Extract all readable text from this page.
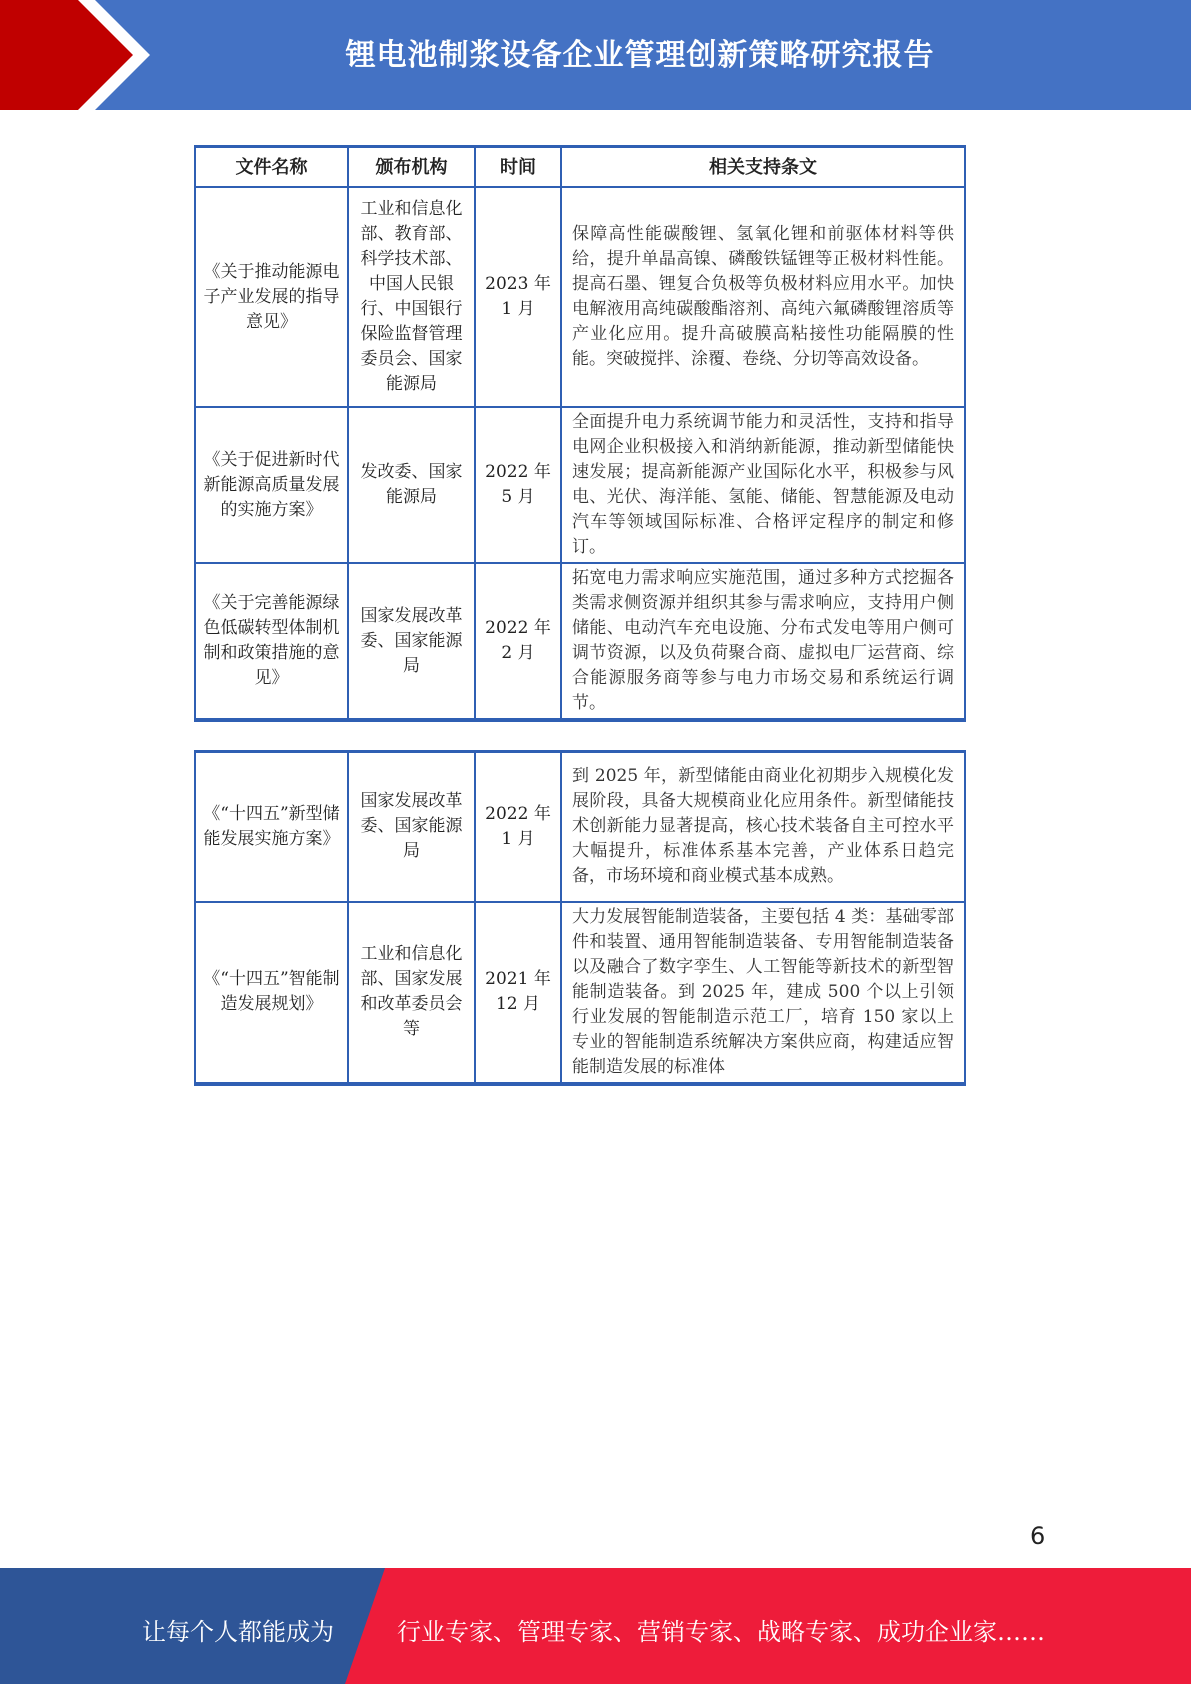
锂电池制浆设备企业管理创新策略研究报告
文件名称	颁布机构	时间	相关支持条文
《关于推动能源电子产业发展的指导意见》	工业和信息化部、教育部、科学技术部、中国人民银行、中国银行保险监督管理委员会、国家能源局	2023 年 1 月	保障高性能碳酸锂、氢氧化锂和前驱体材料等供给，提升单晶高镍、磷酸铁锰锂等正极材料性能。提高石墨、锂复合负极等负极材料应用水平。加快电解液用高纯碳酸酯溶剂、高纯六氟磷酸锂溶质等产业化应用。提升高破膜高粘接性功能隔膜的性能。突破搅拌、涂覆、卷绕、分切等高效设备。
《关于促进新时代新能源高质量发展的实施方案》	发改委、国家能源局	2022 年 5 月	全面提升电力系统调节能力和灵活性，支持和指导电网企业积极接入和消纳新能源，推动新型储能快速发展；提高新能源产业国际化水平，积极参与风电、光伏、海洋能、氢能、储能、智慧能源及电动汽车等领域国际标准、合格评定程序的制定和修订。
《关于完善能源绿色低碳转型体制机制和政策措施的意见》	国家发展改革委、国家能源局	2022 年 2 月	拓宽电力需求响应实施范围，通过多种方式挖掘各类需求侧资源并组织其参与需求响应，支持用户侧储能、电动汽车充电设施、分布式发电等用户侧可调节资源，以及负荷聚合商、虚拟电厂运营商、综合能源服务商等参与电力市场交易和系统运行调节。
《“十四五”新型储能发展实施方案》	国家发展改革委、国家能源局	2022 年 1 月	到 2025 年，新型储能由商业化初期步入规模化发展阶段，具备大规模商业化应用条件。新型储能技术创新能力显著提高，核心技术装备自主可控水平大幅提升，标准体系基本完善，产业体系日趋完备，市场环境和商业模式基本成熟。
《“十四五”智能制造发展规划》	工业和信息化部、国家发展和改革委员会等	2021 年 12 月	大力发展智能制造装备，主要包括 4 类：基础零部件和装置、通用智能制造装备、专用智能制造装备以及融合了数字孪生、人工智能等新技术的新型智能制造装备。到 2025 年，建成 500 个以上引领行业发展的智能制造示范工厂，培育 150 家以上专业的智能制造系统解决方案供应商，构建适应智能制造发展的标准体
6
让每个人都能成为	行业专家、管理专家、营销专家、战略专家、成功企业家……
